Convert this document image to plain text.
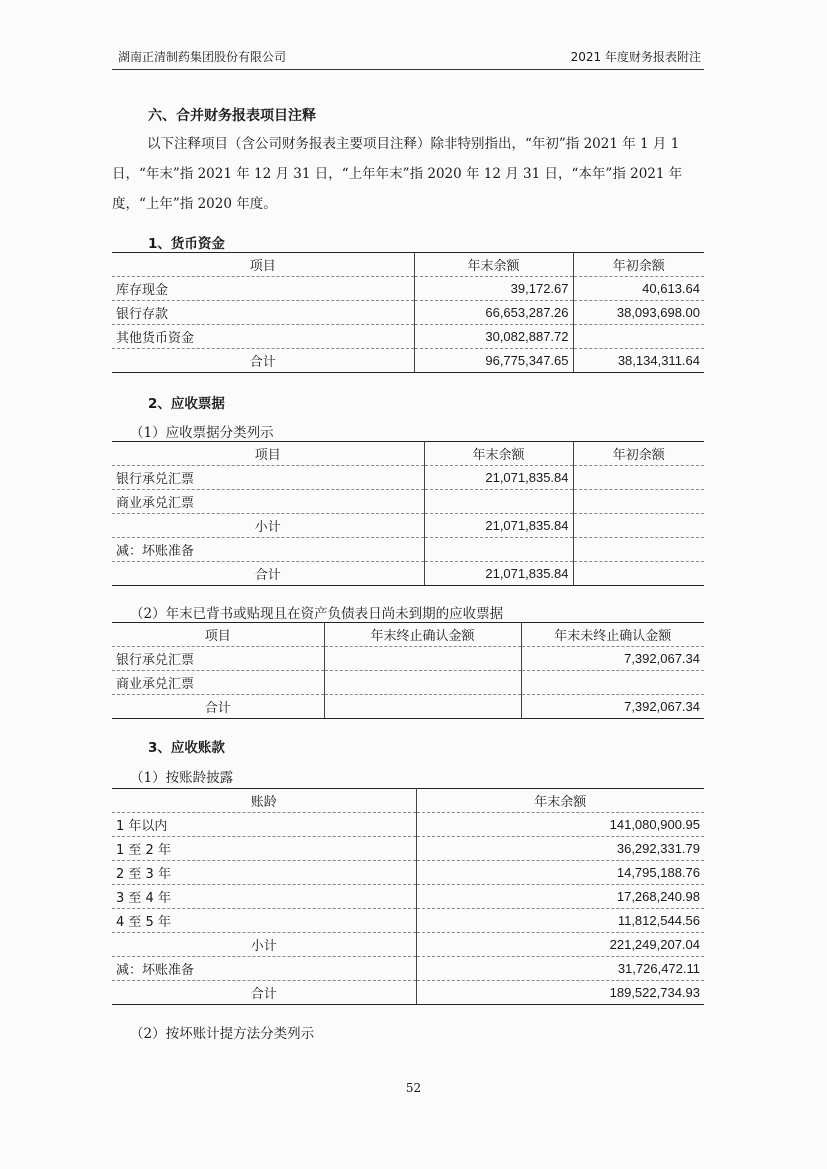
湖南正清制药集团股份有限公司	2021 年度财务报表附注
六、合并财务报表项目注释
以下注释项目（含公司财务报表主要项目注释）除非特别指出，“年初”指 2021 年 1 月 1 日，“年末”指 2021 年 12 月 31 日，“上年年末”指 2020 年 12 月 31 日，“本年”指 2021 年度，“上年”指 2020 年度。
1、货币资金
项目	年末余额	年初余额
库存现金	39,172.67	40,613.64
银行存款	66,653,287.26	38,093,698.00
其他货币资金	30,082,887.72	
合计	96,775,347.65	38,134,311.64
2、应收票据
（1）应收票据分类列示
项目	年末余额	年初余额
银行承兑汇票	21,071,835.84	
商业承兑汇票		
小计	21,071,835.84	
减：坏账准备		
合计	21,071,835.84	
（2）年末已背书或贴现且在资产负债表日尚未到期的应收票据
项目	年末终止确认金额	年末未终止确认金额
银行承兑汇票		7,392,067.34
商业承兑汇票		
合计		7,392,067.34
3、应收账款
（1）按账龄披露
账龄	年末余额
1 年以内	141,080,900.95
1 至 2 年	36,292,331.79
2 至 3 年	14,795,188.76
3 至 4 年	17,268,240.98
4 至 5 年	11,812,544.56
小计	221,249,207.04
减：坏账准备	31,726,472.11
合计	189,522,734.93
（2）按坏账计提方法分类列示
52
